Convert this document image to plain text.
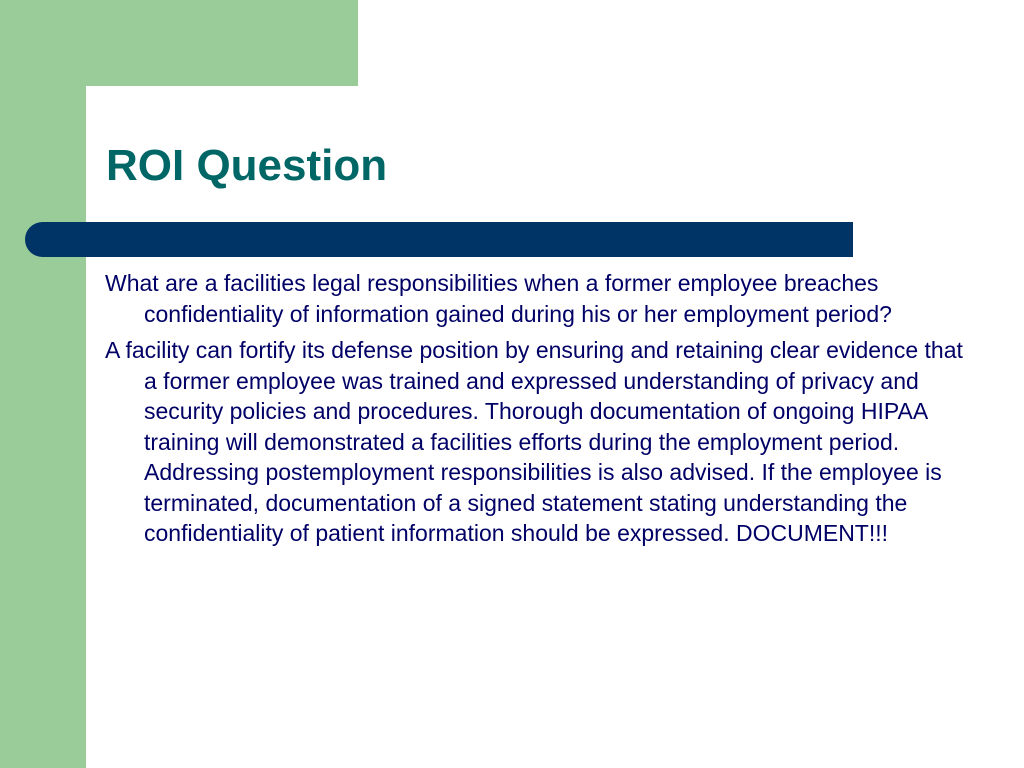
ROI Question

What are a facilities legal responsibilities when a former employee breaches confidentiality of information gained during his or her employment period?

A facility can fortify its defense position by ensuring and retaining clear evidence that a former employee was trained and expressed understanding of privacy and security policies and procedures. Thorough documentation of ongoing HIPAA training will demonstrated a facilities efforts during the employment period. Addressing postemployment responsibilities is also advised. If the employee is terminated, documentation of a signed statement stating understanding the confidentiality of patient information should be expressed. DOCUMENT!!!
